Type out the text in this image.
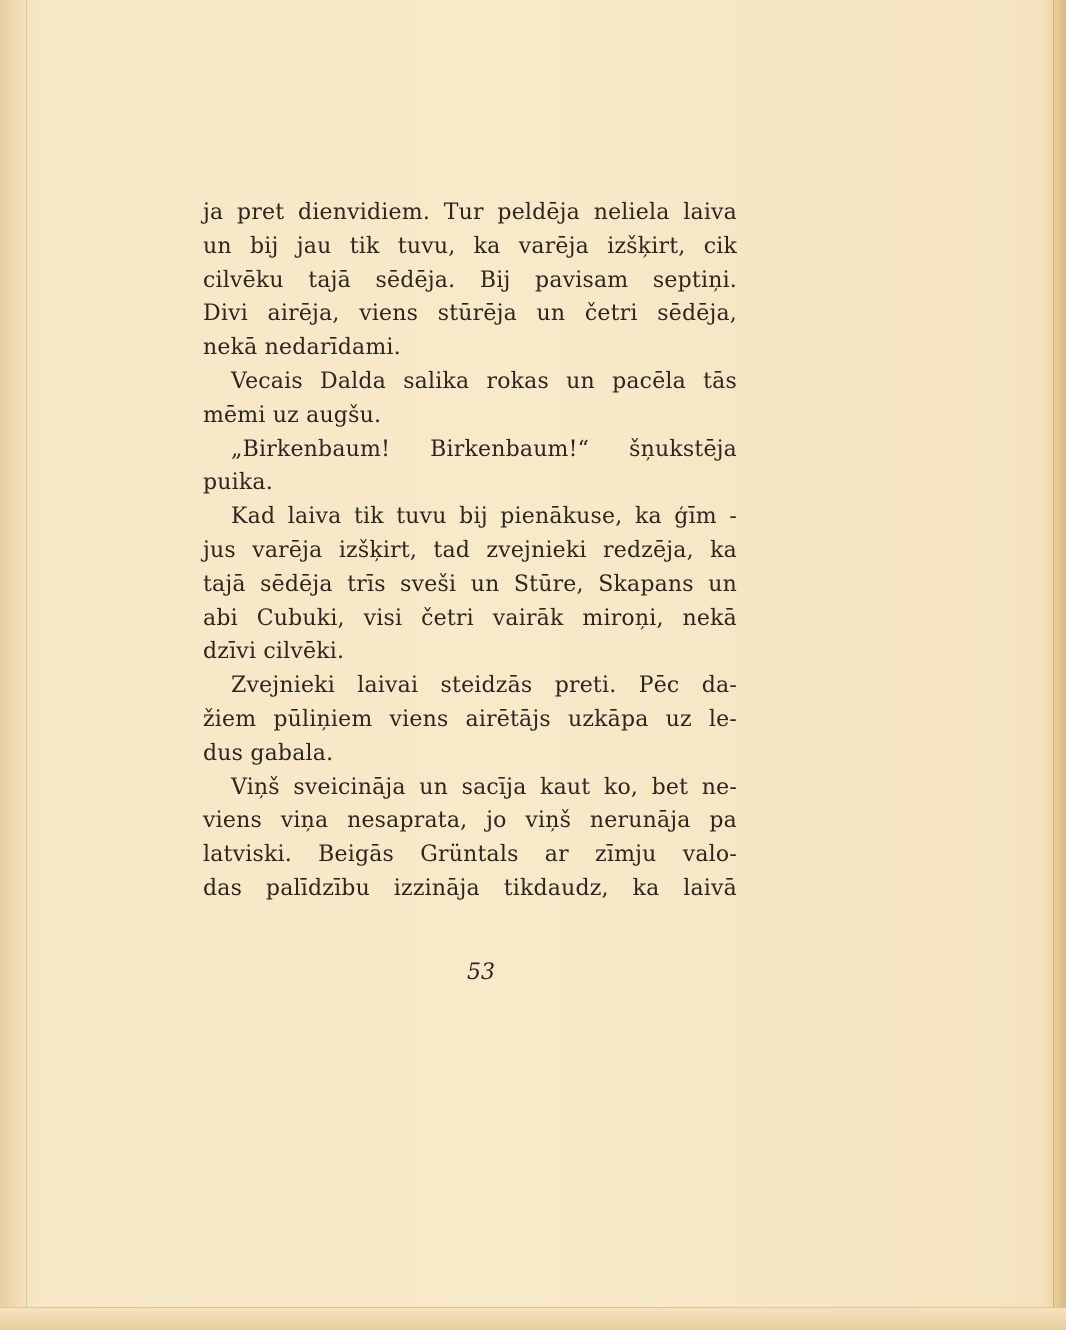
ja pret dienvidiem. Tur peldēja neliela laiva
un bij jau tik tuvu, ka varēja izšķirt, cik
cilvēku tajā sēdēja. Bij pavisam septiņi.
Divi airēja, viens stūrēja un četri sēdēja,
nekā nedarīdami.
Vecais Dalda salika rokas un pacēla tās
mēmi uz augšu.
„Birkenbaum! Birkenbaum!“ šņukstēja
puika.
Kad laiva tik tuvu bij pienākuse, ka ģīm -
jus varēja izšķirt, tad zvejnieki redzēja, ka
tajā sēdēja trīs sveši un Stūre, Skapans un
abi Cubuki, visi četri vairāk miroņi, nekā
dzīvi cilvēki.
Zvejnieki laivai steidzās preti. Pēc da-
žiem pūliņiem viens airētājs uzkāpa uz le-
dus gabala.
Viņš sveicināja un sacīja kaut ko, bet ne-
viens viņa nesaprata, jo viņš nerunāja pa
latviski. Beigās Grüntals ar zīmju valo-
das palīdzību izzināja tikdaudz, ka laivā
53
